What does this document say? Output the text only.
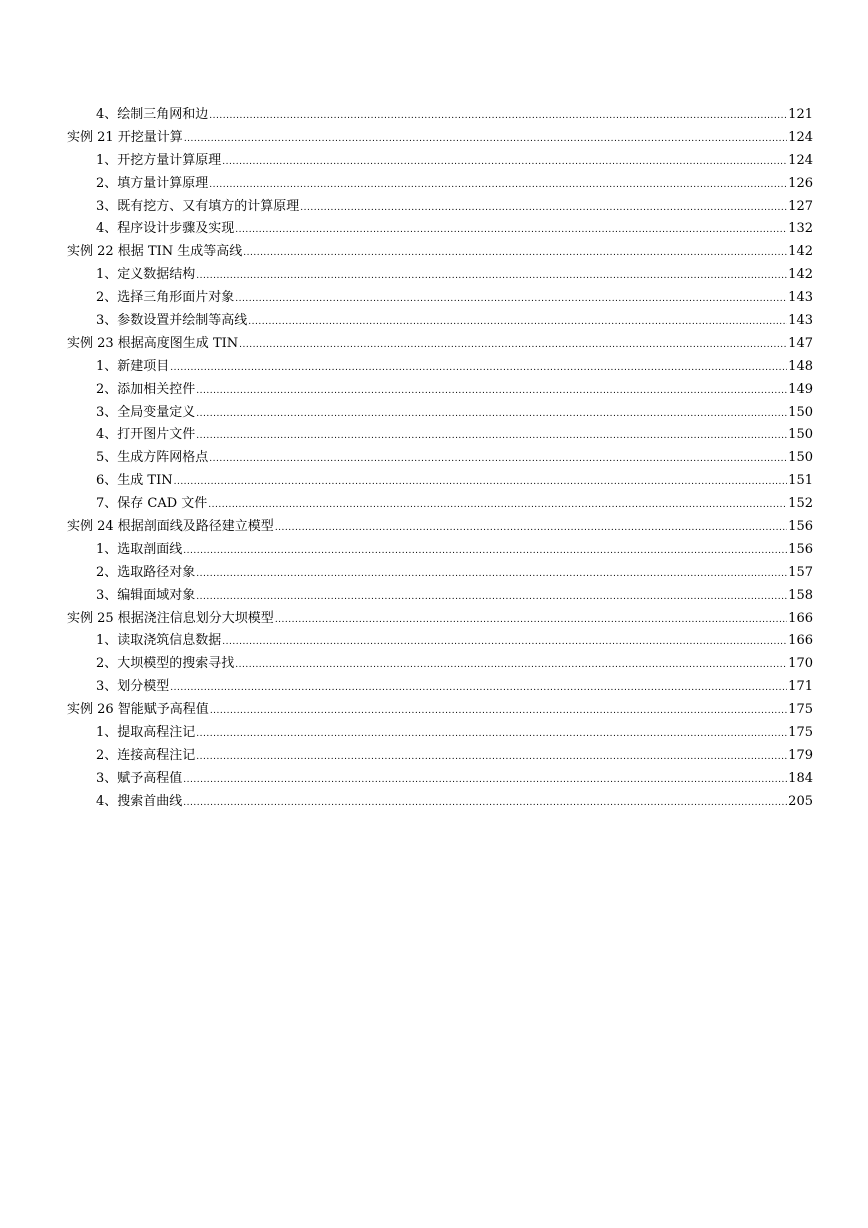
4、绘制三角网和边 .....	121
实例 21 开挖量计算 .....	124
1、开挖方量计算原理 .....	124
2、填方量计算原理 .....	126
3、既有挖方、又有填方的计算原理 .....	127
4、程序设计步骤及实现 .....	132
实例 22 根据 TIN 生成等高线 .....	142
1、定义数据结构 .....	142
2、选择三角形面片对象 .....	143
3、参数设置并绘制等高线 .....	143
实例 23 根据高度图生成 TIN .....	147
1、新建项目 .....	148
2、添加相关控件 .....	149
3、全局变量定义 .....	150
4、打开图片文件 .....	150
5、生成方阵网格点 .....	150
6、生成 TIN .....	151
7、保存 CAD 文件 .....	152
实例 24 根据剖面线及路径建立模型 .....	156
1、选取剖面线 .....	156
2、选取路径对象 .....	157
3、编辑面域对象 .....	158
实例 25 根据浇注信息划分大坝模型 .....	166
1、读取浇筑信息数据 .....	166
2、大坝模型的搜索寻找 .....	170
3、划分模型 .....	171
实例 26 智能赋予高程值 .....	175
1、提取高程注记 .....	175
2、连接高程注记 .....	179
3、赋予高程值 .....	184
4、搜索首曲线 .....	205
